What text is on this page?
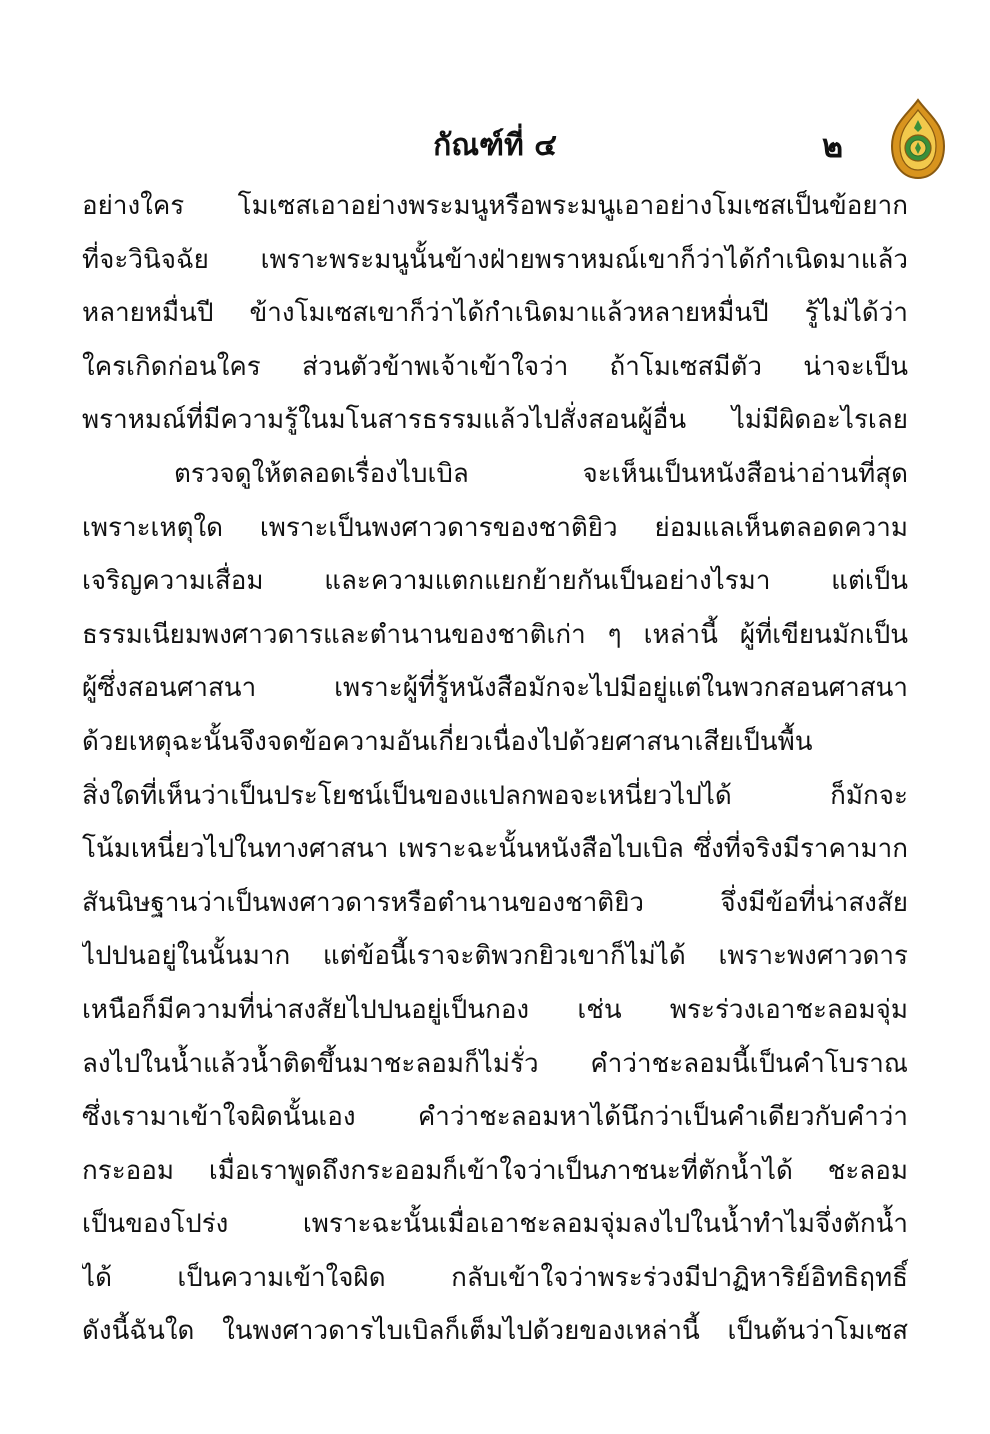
กัณฑ์ที่ ๔	๒
อย่างใคร โมเซสเอาอย่างพระมนูหรือพระมนูเอาอย่างโมเซสเป็นข้อยาก
ที่จะวินิจฉัย เพราะพระมนูนั้นข้างฝ่ายพราหมณ์เขาก็ว่าได้กำเนิดมาแล้ว
หลายหมื่นปี ข้างโมเซสเขาก็ว่าได้กำเนิดมาแล้วหลายหมื่นปี รู้ไม่ได้ว่า
ใครเกิดก่อนใคร ส่วนตัวข้าพเจ้าเข้าใจว่า ถ้าโมเซสมีตัว น่าจะเป็น
พราหมณ์ที่มีความรู้ในมโนสารธรรมแล้วไปสั่งสอนผู้อื่น ไม่มีผิดอะไรเลย
ตรวจดูให้ตลอดเรื่องไบเบิล จะเห็นเป็นหนังสือน่าอ่านที่สุด
เพราะเหตุใด เพราะเป็นพงศาวดารของชาติยิว ย่อมแลเห็นตลอดความ
เจริญความเสื่อม และความแตกแยกย้ายกันเป็นอย่างไรมา แต่เป็น
ธรรมเนียมพงศาวดารและตำนานของชาติเก่า ๆ เหล่านี้ ผู้ที่เขียนมักเป็น
ผู้ซึ่งสอนศาสนา เพราะผู้ที่รู้หนังสือมักจะไปมีอยู่แต่ในพวกสอนศาสนา
ด้วยเหตุฉะนั้นจึงจดข้อความอันเกี่ยวเนื่องไปด้วยศาสนาเสียเป็นพื้น
สิ่งใดที่เห็นว่าเป็นประโยชน์เป็นของแปลกพอจะเหนี่ยวไปได้ ก็มักจะ
โน้มเหนี่ยวไปในทางศาสนา เพราะฉะนั้นหนังสือไบเบิล ซึ่งที่จริงมีราคามาก
สันนิษฐานว่าเป็นพงศาวดารหรือตำนานของชาติยิว จึ่งมีข้อที่น่าสงสัย
ไปปนอยู่ในนั้นมาก แต่ข้อนี้เราจะติพวกยิวเขาก็ไม่ได้ เพราะพงศาวดาร
เหนือก็มีความที่น่าสงสัยไปปนอยู่เป็นกอง เช่น พระร่วงเอาชะลอมจุ่ม
ลงไปในน้ำแล้วน้ำติดขึ้นมาชะลอมก็ไม่รั่ว คำว่าชะลอมนี้เป็นคำโบราณ
ซึ่งเรามาเข้าใจผิดนั้นเอง คำว่าชะลอมหาได้นึกว่าเป็นคำเดียวกับคำว่า
กระออม เมื่อเราพูดถึงกระออมก็เข้าใจว่าเป็นภาชนะที่ตักน้ำได้ ชะลอม
เป็นของโปร่ง เพราะฉะนั้นเมื่อเอาชะลอมจุ่มลงไปในน้ำทำไมจึ่งตักน้ำ
ได้ เป็นความเข้าใจผิด กลับเข้าใจว่าพระร่วงมีปาฏิหาริย์อิทธิฤทธิ์
ดังนี้ฉันใด ในพงศาวดารไบเบิลก็เต็มไปด้วยของเหล่านี้ เป็นต้นว่าโมเซส
